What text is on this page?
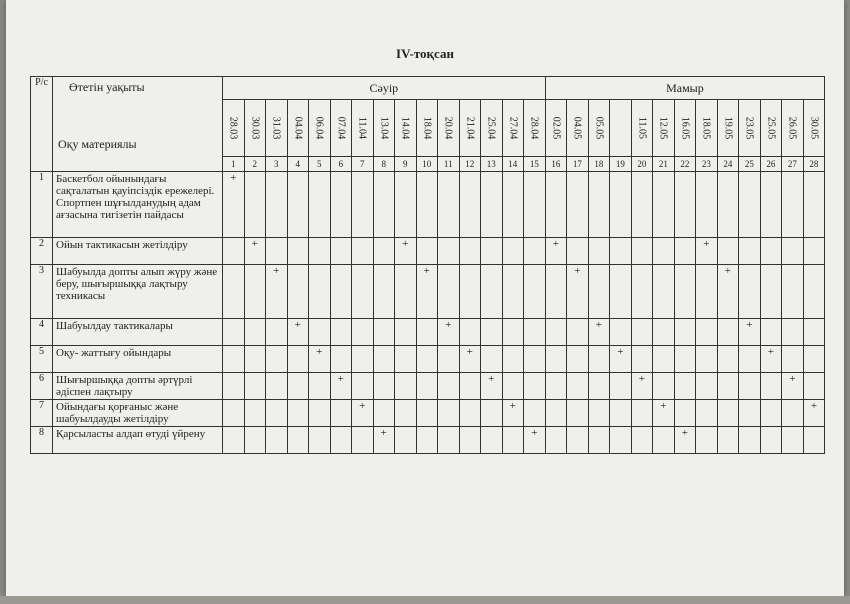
IV-тоқсан
Р/с	Өтетін уақыты
Оқу материялы	Сәуір															Мамыр												

		28.03	30.03	31.03	04.04	06.04	07.04	11.04	13.04	14.04	18.04	20.04	21.04	25.04	27.04	28.04	02.05	04.05	05.05		11.05	12.05	16.05	18.05	19.05	23.05	25.05	26.05	30.05

		1	2	3	4	5	6	7	8	9	10	11	12	13	14	15	16	17	18	19	20	21	22	23	24	25	26	27	28
1	Баскетбол ойынындағы сақталатын қауіпсіздік ережелері. Спортпен шұғылданудың адам ағзасына тигізетін пайдасы	+																											
2	Ойын тактикасын жетілдіру		+							+							+							+					
3	Шабуылда допты алып жүру және беру, шығыршыққа лақтыру техникасы			+							+							+							+				
4	Шабуылдау тактикалары				+							+							+							+			
5	Оқу- жаттығу ойындары					+							+							+							+		
6	Шығыршыққа допты әртүрлі әдіспен лақтыру						+							+							+							+	
7	Ойындағы қорғаныс және шабуылдауды жетілдіру							+							+							+							+
8	Қарсыласты алдап өтуді үйрену								+							+							+						
